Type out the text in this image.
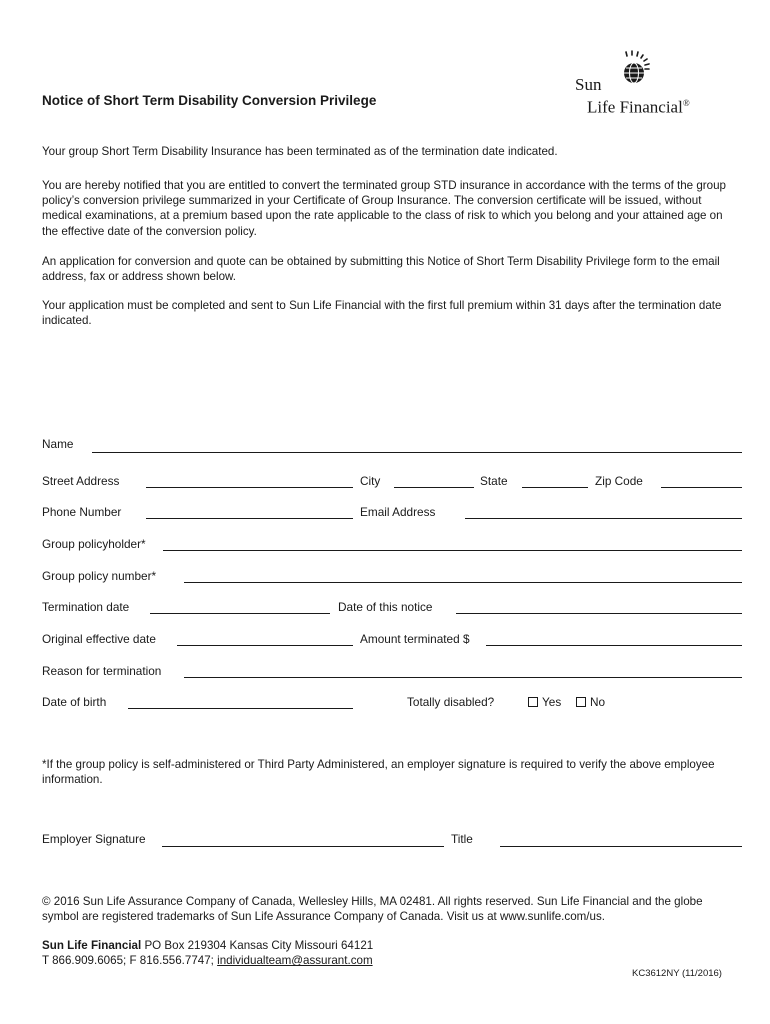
Sun
Life Financial®
Notice of Short Term Disability Conversion Privilege

Your group Short Term Disability Insurance has been terminated as of the termination date indicated.

You are hereby notified that you are entitled to convert the terminated group STD insurance in accordance with the terms of the group policy’s conversion privilege summarized in your Certificate of Group Insurance. The conversion certificate will be issued, without medical examinations, at a premium based upon the rate applicable to the class of risk to which you belong and your attained age on the effective date of the conversion policy.

An application for conversion and quote can be obtained by submitting this Notice of Short Term Disability Privilege form to the email address, fax or address shown below.

Your application must be completed and sent to Sun Life Financial with the first full premium within 31 days after the termination date indicated.

Name
Street Address	City	State	Zip Code
Phone Number	Email Address
Group policyholder*
Group policy number*
Termination date	Date of this notice
Original effective date	Amount terminated $
Reason for termination
Date of birth	Totally disabled?	Yes	No

*If the group policy is self-administered or Third Party Administered, an employer signature is required to verify the above employee information.

Employer Signature	Title

© 2016 Sun Life Assurance Company of Canada, Wellesley Hills, MA 02481. All rights reserved. Sun Life Financial and the globe symbol are registered trademarks of Sun Life Assurance Company of Canada. Visit us at www.sunlife.com/us.

Sun Life Financial PO Box 219304 Kansas City Missouri 64121
T 866.909.6065; F 816.556.7747; individualteam@assurant.com
KC3612NY (11/2016)
